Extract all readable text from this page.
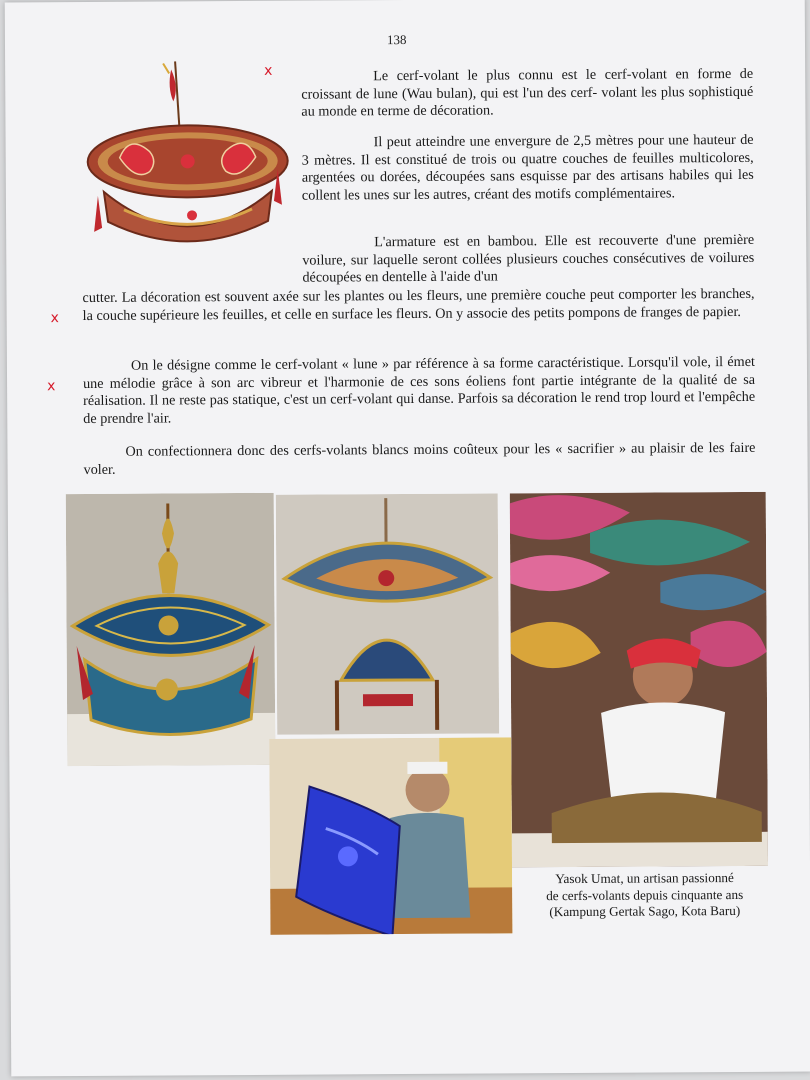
138
x	Le cerf-volant le plus connu est le cerf-volant en forme de croissant de lune (Wau bulan), qui est l'un des cerf- volant les plus sophistiqué au monde en terme de décoration.

Il peut atteindre une envergure de 2,5 mètres pour une hauteur de 3 mètres. Il est constitué de trois ou quatre couches de feuilles multicolores, argentées ou dorées, découpées sans esquisse par des artisans habiles qui les collent les unes sur les autres, créant des motifs complémentaires.

L'armature est en bambou. Elle est recouverte d'une première voilure, sur laquelle seront collées plusieurs couches consécutives de voilures découpées en dentelle à l'aide d'un

cutter. La décoration est souvent axée sur les plantes ou les fleurs, une première couche peut comporter les branches, la couche supérieure les feuilles, et celle en surface les fleurs. On y associe des petits pompons de franges de papier.

x

On le désigne comme le cerf-volant « lune » par référence à sa forme caractéristique. Lorsqu'il vole, il émet une mélodie grâce à son arc vibreur et l'harmonie de ces sons éoliens font partie intégrante de la qualité de sa réalisation. Il ne reste pas statique, c'est un cerf-volant qui danse. Parfois sa décoration le rend trop lourd et l'empêche de prendre l'air.

x

On confectionnera donc des cerfs-volants blancs moins coûteux pour les « sacrifier » au plaisir de les faire voler.

Yasok Umat, un artisan passionné
de cerfs-volants depuis cinquante ans
(Kampung Gertak Sago, Kota Baru)
